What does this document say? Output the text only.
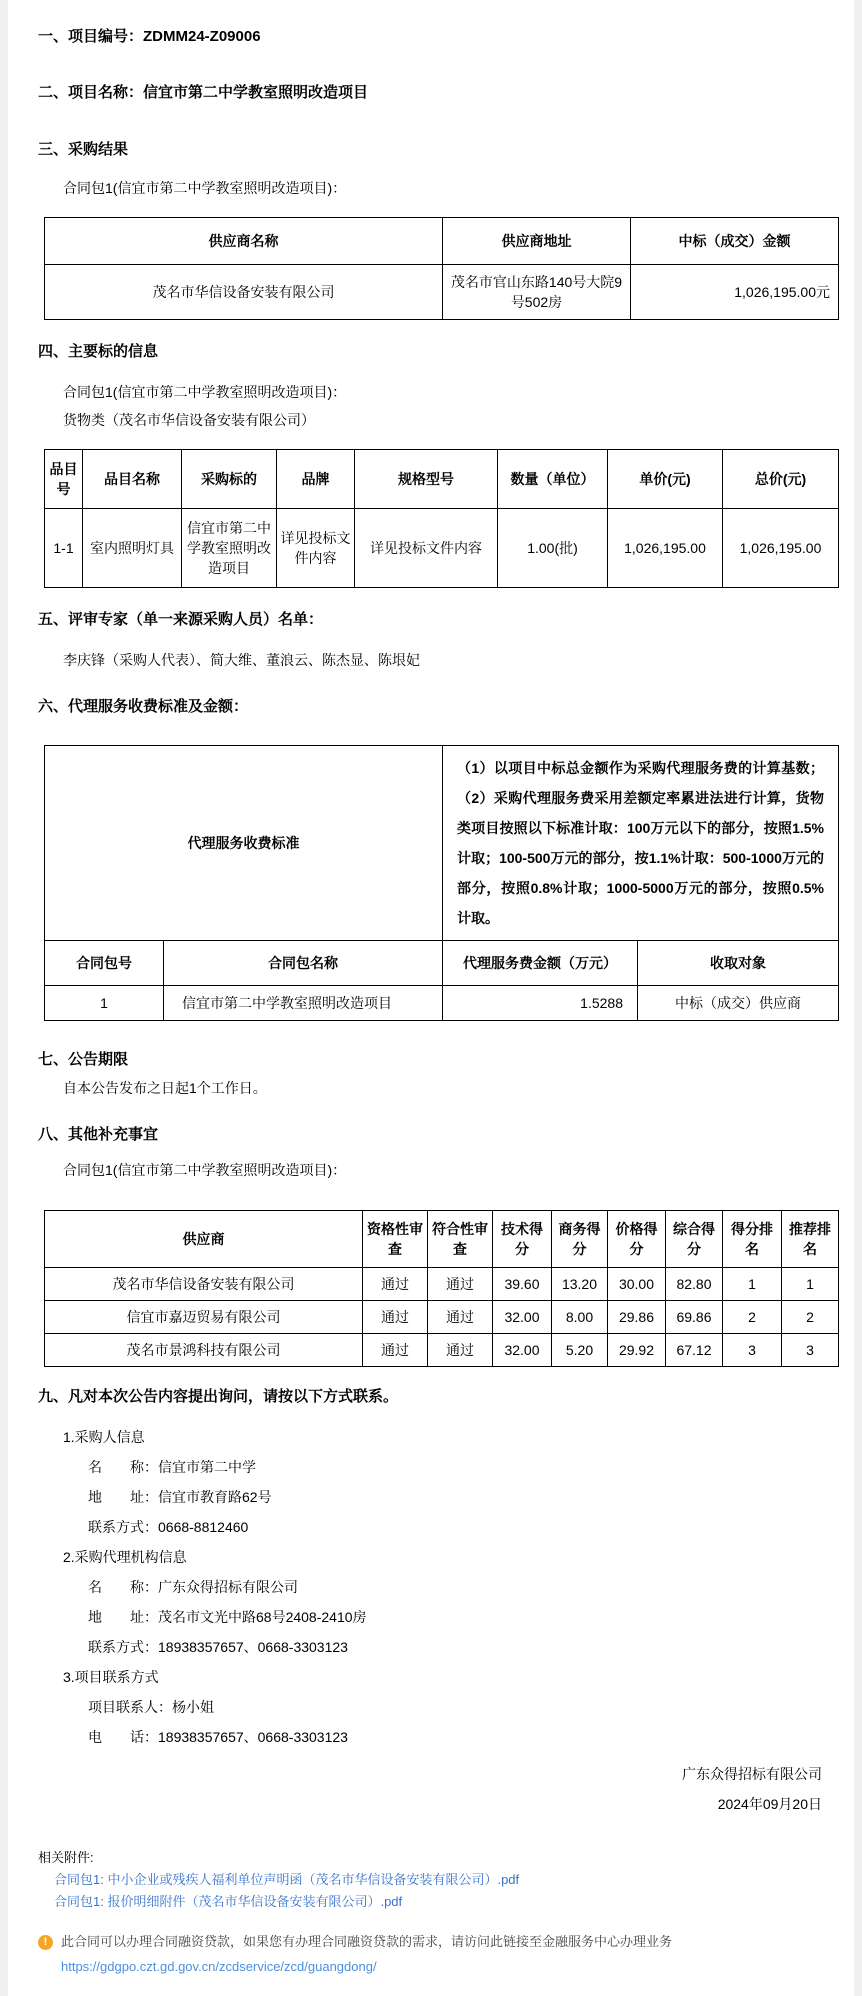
一、项目编号：ZDMM24-Z09006
二、项目名称：信宜市第二中学教室照明改造项目
三、采购结果
合同包1(信宜市第二中学教室照明改造项目)：
供应商名称	供应商地址	中标（成交）金额
茂名市华信设备安装有限公司	茂名市官山东路140号大院9号502房	1,026,195.00元
四、主要标的信息
合同包1(信宜市第二中学教室照明改造项目)：
货物类（茂名市华信设备安装有限公司）
品目号	品目名称	采购标的	品牌	规格型号	数量（单位）	单价(元)	总价(元)
1-1	室内照明灯具	信宜市第二中学教室照明改造项目	详见投标文件内容	详见投标文件内容	1.00(批)	1,026,195.00	1,026,195.00
五、评审专家（单一来源采购人员）名单：
李庆锋（采购人代表）、简大维、董浪云、陈杰显、陈垠妃
六、代理服务收费标准及金额：
代理服务收费标准		（1）以项目中标总金额作为采购代理服务费的计算基数；（2）采购代理服务费采用差额定率累进法进行计算，货物类项目按照以下标准计取：100万元以下的部分，按照1.5%计取；100-500万元的部分，按1.1%计取：500-1000万元的部分，按照0.8%计取；1000-5000万元的部分，按照0.5%计取。	
合同包号	合同包名称	代理服务费金额（万元）	收取对象
1	信宜市第二中学教室照明改造项目	1.5288	中标（成交）供应商
七、公告期限
自本公告发布之日起1个工作日。
八、其他补充事宜
合同包1(信宜市第二中学教室照明改造项目)：
供应商	资格性审查	符合性审查	技术得分	商务得分	价格得分	综合得分	得分排名	推荐排名
茂名市华信设备安装有限公司	通过	通过	39.60	13.20	30.00	82.80	1	1
信宜市嘉迈贸易有限公司	通过	通过	32.00	8.00	29.86	69.86	2	2
茂名市景鸿科技有限公司	通过	通过	32.00	5.20	29.92	67.12	3	3
九、凡对本次公告内容提出询问，请按以下方式联系。
1.采购人信息
名　　称：信宜市第二中学
地　　址：信宜市教育路62号
联系方式：0668-8812460
2.采购代理机构信息
名　　称：广东众得招标有限公司
地　　址：茂名市文光中路68号2408-2410房
联系方式：18938357657、0668-3303123
3.项目联系方式
项目联系人：杨小姐
电　　话：18938357657、0668-3303123
广东众得招标有限公司
2024年09月20日
相关附件:
合同包1: 中小企业或残疾人福利单位声明函（茂名市华信设备安装有限公司）.pdf
合同包1: 报价明细附件（茂名市华信设备安装有限公司）.pdf
!	此合同可以办理合同融资贷款，如果您有办理合同融资贷款的需求，请访问此链接至金融服务中心办理业务
https://gdgpo.czt.gd.gov.cn/zcdservice/zcd/guangdong/
